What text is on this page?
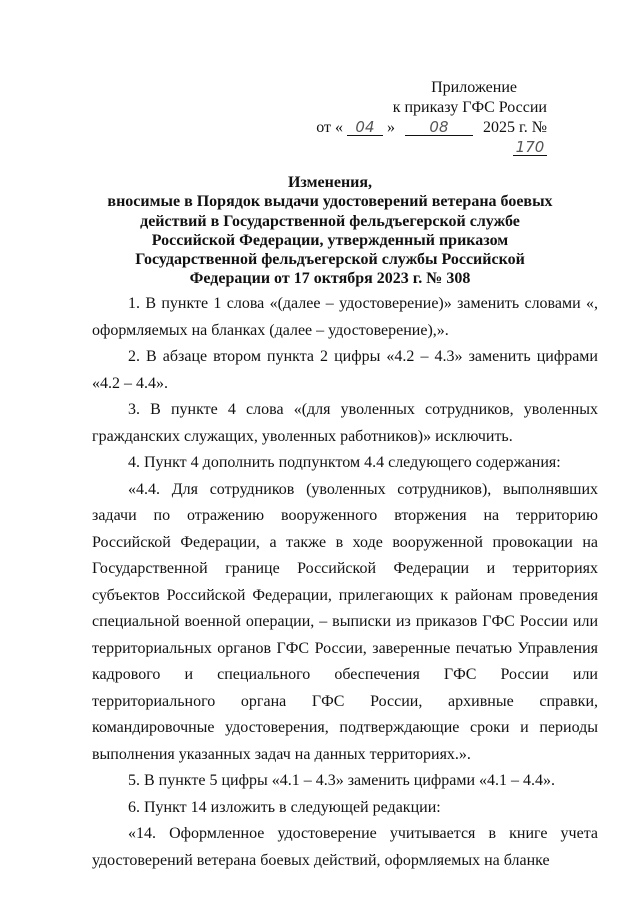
Приложение
к приказу ГФС России
от « 04 » 08 2025 г. № 170
Изменения,
вносимые в Порядок выдачи удостоверений ветерана боевых
действий в Государственной фельдъегерской службе
Российской Федерации, утвержденный приказом
Государственной фельдъегерской службы Российской
Федерации от 17 октября 2023 г. № 308

1. В пункте 1 слова «(далее – удостоверение)» заменить словами «, оформляемых на бланках (далее – удостоверение),».

2. В абзаце втором пункта 2 цифры «4.2 – 4.3» заменить цифрами «4.2 – 4.4».

3. В пункте 4 слова «(для уволенных сотрудников, уволенных гражданских служащих, уволенных работников)» исключить.

4. Пункт 4 дополнить подпунктом 4.4 следующего содержания:

«4.4. Для сотрудников (уволенных сотрудников), выполнявших задачи по отражению вооруженного вторжения на территорию Российской Федерации, а также в ходе вооруженной провокации на Государственной границе Российской Федерации и территориях субъектов Российской Федерации, прилегающих к районам проведения специальной военной операции, – выписки из приказов ГФС России или территориальных органов ГФС России, заверенные печатью Управления кадрового и специального обеспечения ГФС России или территориального органа ГФС России, архивные справки, командировочные удостоверения, подтверждающие сроки и периоды выполнения указанных задач на данных территориях.».

5. В пункте 5 цифры «4.1 – 4.3» заменить цифрами «4.1 – 4.4».

6. Пункт 14 изложить в следующей редакции:

«14. Оформленное удостоверение учитывается в книге учета удостоверений ветерана боевых действий, оформляемых на бланке
